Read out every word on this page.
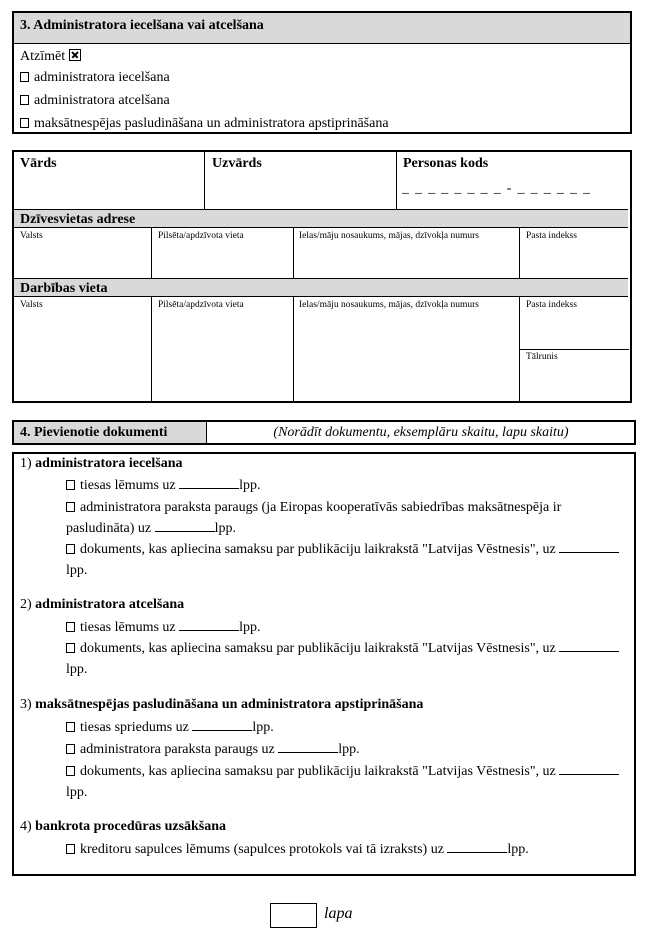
3. Administratora iecelšana vai atcelšana
Atzīmēt
administratora iecelšana
administratora atcelšana
maksātnespējas pasludināšana un administratora apstiprināšana
Vārds	Uzvārds	Personas kods
_ _ _ _ _ _ _ _ - _ _ _ _ _ _
Dzīvesvietas adrese
Valsts	Pilsēta/apdzīvota vieta	Ielas/māju nosaukums, mājas, dzīvokļa numurs	Pasta indekss
Darbības vieta
Valsts	Pilsēta/apdzīvota vieta	Ielas/māju nosaukums, mājas, dzīvokļa numurs	Pasta indekss
Tālrunis
4. Pievienotie dokumenti	(Norādīt dokumentu, eksemplāru skaitu, lapu skaitu)
1) administratora iecelšana
tiesas lēmums uz	lpp.
administratora paraksta paraugs (ja Eiropas kooperatīvās sabiedrības maksātnespēja ir pasludināta) uz	lpp.
dokuments, kas apliecina samaksu par publikāciju laikrakstā "Latvijas Vēstnesis", uz lpp.
2) administratora atcelšana
tiesas lēmums uz	lpp.
dokuments, kas apliecina samaksu par publikāciju laikrakstā "Latvijas Vēstnesis", uz lpp.
3) maksātnespējas pasludināšana un administratora apstiprināšana
tiesas spriedums uz	lpp.
administratora paraksta paraugs uz	lpp.
dokuments, kas apliecina samaksu par publikāciju laikrakstā "Latvijas Vēstnesis", uz lpp.
4) bankrota procedūras uzsākšana
kreditoru sapulces lēmums (sapulces protokols vai tā izraksts) uz	lpp.
lapa
